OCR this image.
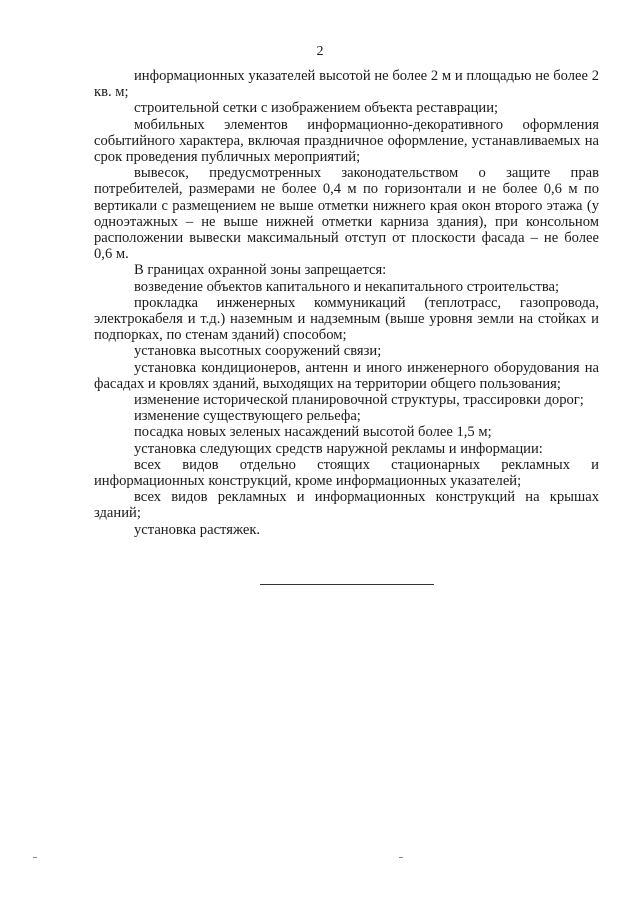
2

информационных указателей высотой не более 2 м и площадью не более 2 кв. м;

строительной сетки с изображением объекта реставрации;

мобильных элементов информационно-декоративного оформления событийного характера, включая праздничное оформление, устанавливаемых на срок проведения публичных мероприятий;

вывесок, предусмотренных законодательством о защите прав потребителей, размерами не более 0,4 м по горизонтали и не более 0,6 м по вертикали с размещением не выше отметки нижнего края окон второго этажа (у одноэтажных – не выше нижней отметки карниза здания), при консольном расположении вывески максимальный отступ от плоскости фасада – не более 0,6 м.

В границах охранной зоны запрещается:

возведение объектов капитального и некапитального строительства;

прокладка инженерных коммуникаций (теплотрасс, газопровода, электрокабеля и т.д.) наземным и надземным (выше уровня земли на стойках и подпорках, по стенам зданий) способом;

установка высотных сооружений связи;

установка кондиционеров, антенн и иного инженерного оборудования на фасадах и кровлях зданий, выходящих на территории общего пользования;

изменение исторической планировочной структуры, трассировки дорог;

изменение существующего рельефа;

посадка новых зеленых насаждений высотой более 1,5 м;

установка следующих средств наружной рекламы и информации:

всех видов отдельно стоящих стационарных рекламных и информационных конструкций, кроме информационных указателей;

всех видов рекламных и информационных конструкций на крышах зданий;

установка растяжек.
